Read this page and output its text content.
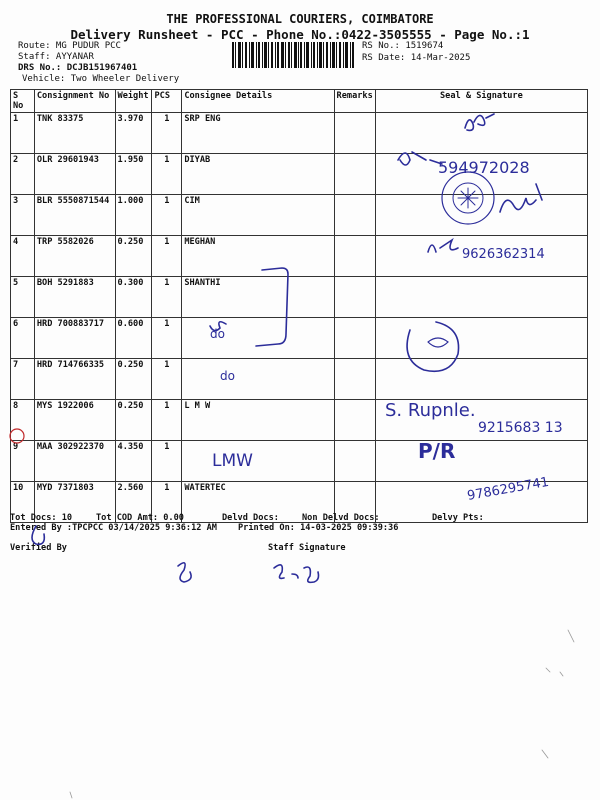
THE PROFESSIONAL COURIERS, COIMBATORE
Delivery Runsheet - PCC - Phone No.:0422-3505555 - Page No.:1
Route: MG PUDUR PCC
Staff: AYYANAR
DRS No.: DCJB151967401
Vehicle: Two Wheeler Delivery
RS No.: 1519674
RS Date: 14-Mar-2025
S No	Consignment No	Weight	PCS	Consignee Details	Remarks	Seal & Signature
1	TNK 83375	3.970	1	SRP ENG		
2	OLR 29601943	1.950	1	DIYAB		
3	BLR 5550871544	1.000	1	CIM		
4	TRP 5582026	0.250	1	MEGHAN		
5	BOH 5291883	0.300	1	SHANTHI		
6	HRD 700883717	0.600	1			
7	HRD 714766335	0.250	1			
8	MYS 1922006	0.250	1	L M W		
9	MAA 302922370	4.350	1			
10	MYD 7371803	2.560	1	WATERTEC		
Tot Docs: 10	Tot COD Amt: 0.00	Delvd Docs:	Non Delvd Docs:	Delvy Pts:
Entered By :TPCPCC 03/14/2025 9:36:12 AM Printed On: 14-03-2025 09:39:36
Verified By	Staff Signature
594972028
9626362314
do
do
S. Rupnle.
9215683 13
P/R
LMW
9786295741
